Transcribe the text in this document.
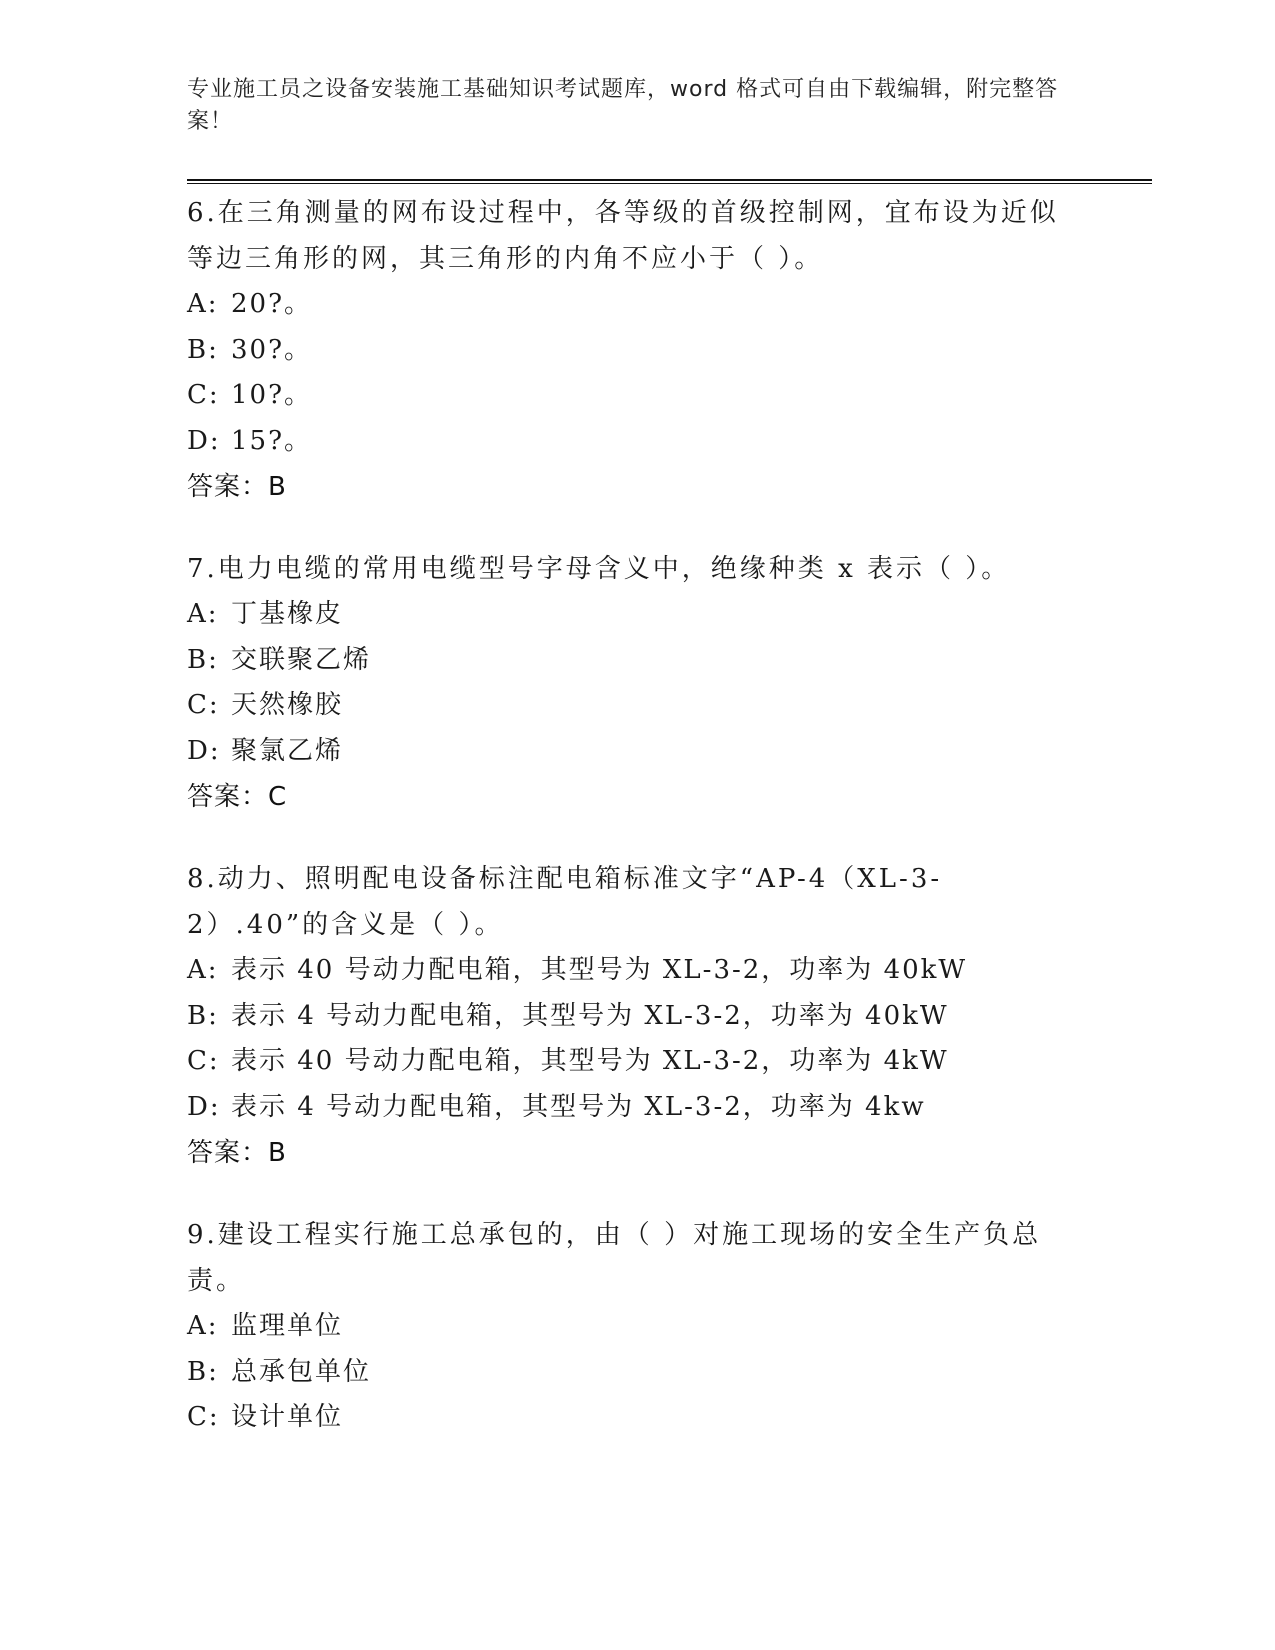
专业施工员之设备安装施工基础知识考试题库，word 格式可自由下载编辑，附完整答案！

6.在三角测量的网布设过程中，各等级的首级控制网，宜布设为近似等边三角形的网，其三角形的内角不应小于（ ）。

A: 20?。
B: 30?。
C: 10?。
D: 15?。
答案：B

7.电力电缆的常用电缆型号字母含义中，绝缘种类 x 表示（ ）。

A: 丁基橡皮
B: 交联聚乙烯
C: 天然橡胶
D: 聚氯乙烯
答案：C

8.动力、照明配电设备标注配电箱标准文字“AP-4（XL-3-2）.40”的含义是（ ）。

A: 表示 40 号动力配电箱，其型号为 XL-3-2，功率为 40kW
B: 表示 4 号动力配电箱，其型号为 XL-3-2，功率为 40kW
C: 表示 40 号动力配电箱，其型号为 XL-3-2，功率为 4kW
D: 表示 4 号动力配电箱，其型号为 XL-3-2，功率为 4kw
答案：B

9.建设工程实行施工总承包的，由（ ）对施工现场的安全生产负总责。

A: 监理单位
B: 总承包单位
C: 设计单位
